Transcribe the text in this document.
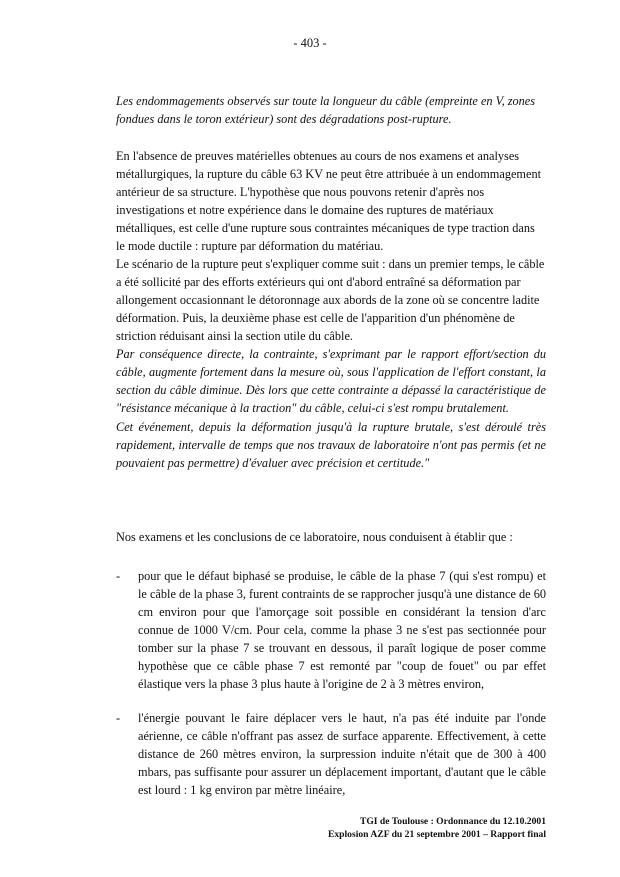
- 403 -

Les endommagements observés sur toute la longueur du câble (empreinte en V, zones fondues dans le toron extérieur) sont des dégradations post-rupture.

En l'absence de preuves matérielles obtenues au cours de nos examens et analyses métallurgiques, la rupture du câble 63 KV ne peut être attribuée à un endommagement antérieur de sa structure. L'hypothèse que nous pouvons retenir d'après nos investigations et notre expérience dans le domaine des ruptures de matériaux métalliques, est celle d'une rupture sous contraintes mécaniques de type traction dans le mode ductile : rupture par déformation du matériau.

Le scénario de la rupture peut s'expliquer comme suit : dans un premier temps, le câble a été sollicité par des efforts extérieurs qui ont d'abord entraîné sa déformation par allongement occasionnant le détoronnage aux abords de la zone où se concentre ladite déformation. Puis, la deuxième phase est celle de l'apparition d'un phénomène de striction réduisant ainsi la section utile du câble.

Par conséquence directe, la contrainte, s'exprimant par le rapport effort/section du câble, augmente fortement dans la mesure où, sous l'application de l'effort constant, la section du câble diminue. Dès lors que cette contrainte a dépassé la caractéristique de "résistance mécanique à la traction" du câble, celui-ci s'est rompu brutalement.

Cet événement, depuis la déformation jusqu'à la rupture brutale, s'est déroulé très rapidement, intervalle de temps que nos travaux de laboratoire n'ont pas permis (et ne pouvaient pas permettre) d'évaluer avec précision et certitude."

Nos examens et les conclusions de ce laboratoire, nous conduisent à établir que :

- pour que le défaut biphasé se produise, le câble de la phase 7 (qui s'est rompu) et le câble de la phase 3, furent contraints de se rapprocher jusqu'à une distance de 60 cm environ pour que l'amorçage soit possible en considérant la tension d'arc connue de 1000 V/cm. Pour cela, comme la phase 3 ne s'est pas sectionnée pour tomber sur la phase 7 se trouvant en dessous, il paraît logique de poser comme hypothèse que ce câble phase 7 est remonté par "coup de fouet" ou par effet élastique vers la phase 3 plus haute à l'origine de 2 à 3 mètres environ,

- l'énergie pouvant le faire déplacer vers le haut, n'a pas été induite par l'onde aérienne, ce câble n'offrant pas assez de surface apparente. Effectivement, à cette distance de 260 mètres environ, la surpression induite n'était que de 300 à 400 mbars, pas suffisante pour assurer un déplacement important, d'autant que le câble est lourd : 1 kg environ par mètre linéaire,

TGI de Toulouse : Ordonnance du 12.10.2001
Explosion AZF du 21 septembre 2001 – Rapport final
